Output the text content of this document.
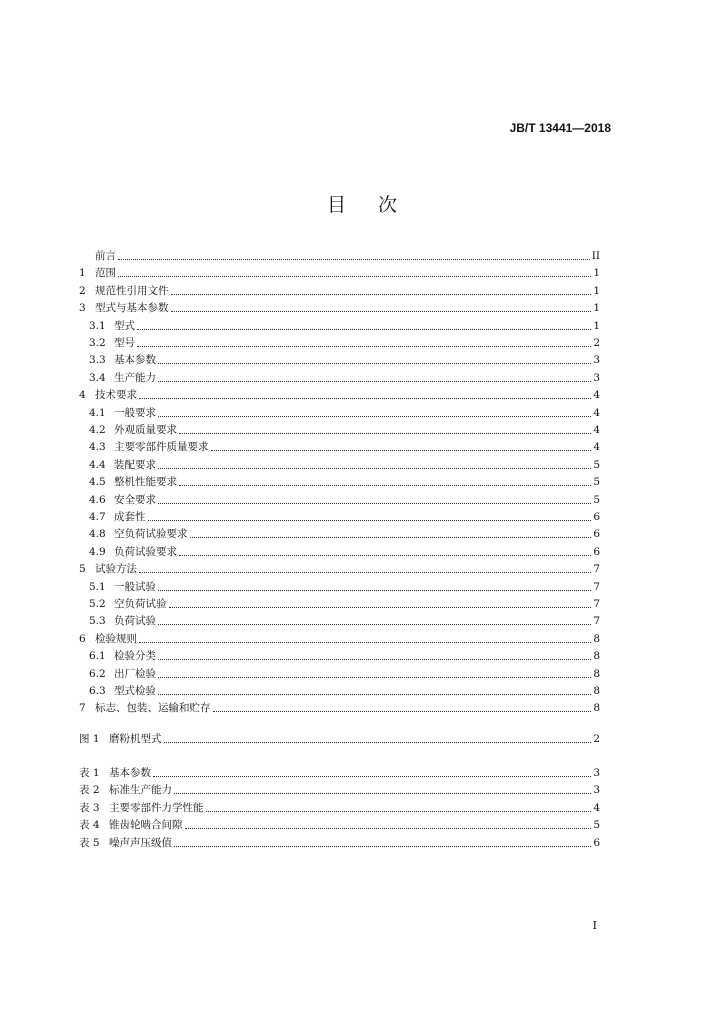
JB/T 13441—2018
目次
前言	II
1 范围	1
2 规范性引用文件	1
3 型式与基本参数	1
3.1 型式	1
3.2 型号	2
3.3 基本参数	3
3.4 生产能力	3
4 技术要求	4
4.1 一般要求	4
4.2 外观质量要求	4
4.3 主要零部件质量要求	4
4.4 装配要求	5
4.5 整机性能要求	5
4.6 安全要求	5
4.7 成套性	6
4.8 空负荷试验要求	6
4.9 负荷试验要求	6
5 试验方法	7
5.1 一般试验	7
5.2 空负荷试验	7
5.3 负荷试验	7
6 检验规则	8
6.1 检验分类	8
6.2 出厂检验	8
6.3 型式检验	8
7 标志、包装、运输和贮存	8
图 1 磨粉机型式	2
表 1 基本参数	3
表 2 标准生产能力	3
表 3 主要零部件力学性能	4
表 4 锥齿轮啮合间隙	5
表 5 噪声声压级值	6
I
